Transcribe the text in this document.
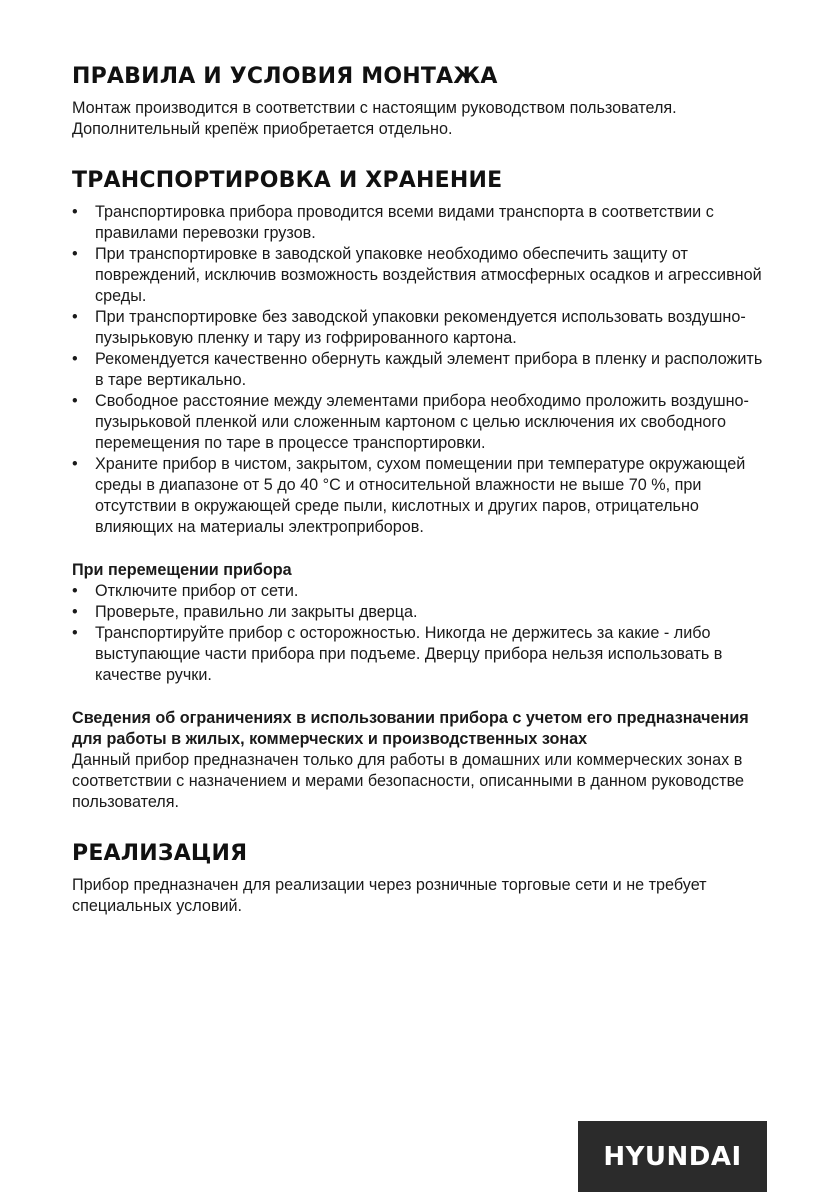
ПРАВИЛА И УСЛОВИЯ МОНТАЖА

Монтаж производится в соответствии с настоящим руководством пользователя. Дополнительный крепёж приобретается отдельно.

ТРАНСПОРТИРОВКА И ХРАНЕНИЕ
• Транспортировка прибора проводится всеми видами транспорта в соответствии с правилами перевозки грузов.
• При транспортировке в заводской упаковке необходимо обеспечить защиту от повреждений, исключив возможность воздействия атмосферных осадков и агрессивной среды.
• При транспортировке без заводской упаковки рекомендуется использовать воздушно-пузырьковую пленку и тару из гофрированного картона.
• Рекомендуется качественно обернуть каждый элемент прибора в пленку и расположить в таре вертикально.
• Свободное расстояние между элементами прибора необходимо проложить воздушно-пузырьковой пленкой или сложенным картоном с целью исключения их свободного перемещения по таре в процессе транспортировки.
• Храните прибор в чистом, закрытом, сухом помещении при температуре окружающей среды в диапазоне от 5 до 40 °C и относительной влажности не выше 70 %, при отсутствии в окружающей среде пыли, кислотных и других паров, отрицательно влияющих на материалы электроприборов.
При перемещении прибора
• Отключите прибор от сети.
• Проверьте, правильно ли закрыты дверца.
• Транспортируйте прибор с осторожностью. Никогда не держитесь за какие - либо выступающие части прибора при подъеме. Дверцу прибора нельзя использовать в качестве ручки.
Сведения об ограничениях в использовании прибора с учетом его предназначения для работы в жилых, коммерческих и производственных зонах

Данный прибор предназначен только для работы в домашних или коммерческих зонах в соответствии с назначением и мерами безопасности, описанными в данном руководстве пользователя.

РЕАЛИЗАЦИЯ

Прибор предназначен для реализации через розничные торговые сети и не требует специальных условий.

HYUNDAI
